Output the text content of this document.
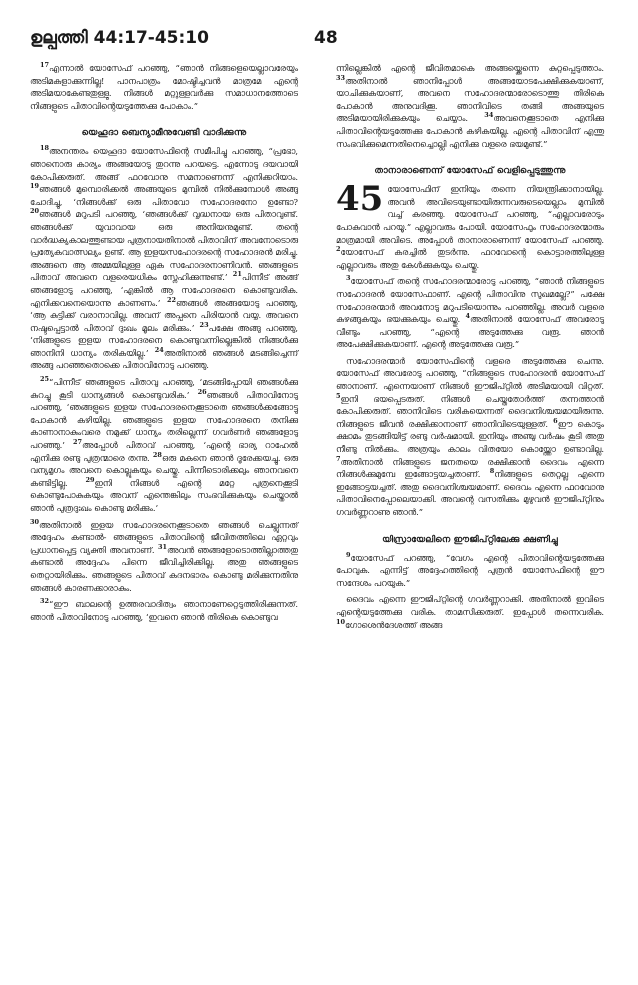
ഉല്പത്തി 44:17-45:10	48

$^{17}$എന്നാൽ യോസേഫ് പറഞ്ഞു, “ഞാൻ നിങ്ങളെയെല്ലാവരേയും അടിമകളാക്കുന്നില്ല! പാനപാത്രം മോഷ്ടിച്ചവൻ മാത്രമേ എന്റെ അടിമയാകേണ്ടതുള്ളു. നിങ്ങൾ മറ്റുള്ളവർക്കു സമാധാനത്തോടെ നിങ്ങളുടെ പിതാവിന്റെയടുത്തേക്കു പോകാം.”

യെഹൂദാ ബെന്യാമീനുവേണ്ടി വാദിക്കുന്നു

$^{18}$അനന്തരം യെഹൂദാ യോസേഫിന്റെ സമീപിച്ചു പറഞ്ഞു, “പ്രഭോ, ഞാനൊരു കാര്യം അങ്ങയോടു തുറന്നു പറയട്ടെ. എന്നോടു ദയവായി കോപിക്കരുത്. അങ്ങ് ഫറവോനു സമനാണെന്ന് എനിക്കറിയാം. $^{19}$ഞങ്ങൾ മുമ്പൊരിക്കൽ അങ്ങയുടെ മുമ്പിൽ നിൽക്കുമ്പോൾ അങ്ങു ചോദിച്ചു, ‘നിങ്ങൾക്ക് ഒരു പിതാവോ സഹോദരനോ ഉണ്ടോ? $^{20}$ഞങ്ങൾ മറുപടി പറഞ്ഞു, ‘ഞങ്ങൾക്ക് വൃദ്ധനായ ഒരു പിതാവുണ്ട്. ഞങ്ങൾക്ക് യുവാവായ ഒരു അനിയനുമുണ്ട്. തന്റെ വാർദ്ധക്യകാലത്തുണ്ടായ പുത്രനായതിനാൽ പിതാവിന് അവനോടൊരു പ്രത്യേകവാത്സല്യം ഉണ്ട്. ആ ഇളയസഹോദരന്റെ സഹോദരൻ മരിച്ചു. അങ്ങനെ ആ അമ്മയിലുള്ള ഏക സഹോദരനാണിവൻ. ഞങ്ങളുടെ പിതാവ് അവനെ വളരെയധികം സ്നേഹിക്കുന്നുണ്ട്.’ $^{21}$പിന്നീട് അങ്ങ് ഞങ്ങളോടു പറഞ്ഞു, ‘എങ്കിൽ ആ സഹോദരനെ കൊണ്ടുവരിക. എനിക്കവനെയൊന്നു കാണണം.’ $^{22}$ഞങ്ങൾ അങ്ങയോടു പറഞ്ഞു, ‘ആ കുട്ടിക്ക് വരാനാവില്ല. അവന് അപ്പനെ പിരിയാൻ വയ്യ. അവനെ നഷ്ടപ്പെട്ടാൽ പിതാവ് ദുഃഖം മൂലം മരിക്കും.’ $^{23}$പക്ഷേ അങ്ങു പറഞ്ഞു, ‘നിങ്ങളുടെ ഇളയ സഹോദരനെ കൊണ്ടുവന്നില്ലെങ്കിൽ നിങ്ങൾക്കു ഞാനിനി ധാന്യം തരികയില്ല.’ $^{24}$അതിനാൽ ഞങ്ങൾ മടങ്ങിച്ചെന്ന് അങ്ങു പറഞ്ഞതൊക്കെ പിതാവിനോടു പറഞ്ഞു.

$^{25}$“പിന്നീട് ഞങ്ങളുടെ പിതാവു പറഞ്ഞു, ‘മടങ്ങിപ്പോയി ഞങ്ങൾക്കു കുറച്ചു കൂടി ധാന്യങ്ങൾ കൊണ്ടുവരിക.’ $^{26}$ഞങ്ങൾ പിതാവിനോടു പറഞ്ഞു, ‘ഞങ്ങളുടെ ഇളയ സഹോദരനെക്കൂടാതെ ഞങ്ങൾക്കങ്ങോട്ടു പോകാൻ കഴിയില്ല. ഞങ്ങളുടെ ഇളയ സഹോദരനെ തനിക്കു കാണാനാകുംവരെ നമുക്ക് ധാന്യം തരില്ലെന്ന് ഗവർണർ ഞങ്ങളോടു പറഞ്ഞു.’ $^{27}$അപ്പോൾ പിതാവ് പറഞ്ഞു, ‘എന്റെ ഭാര്യ റാഹേൽ എനിക്കു രണ്ടു പുത്രന്മാരെ തന്നു. $^{28}$ഒരു മകനെ ഞാൻ ദൂരേക്കയച്ചു. ഒരു വന്യമൃഗം അവനെ കൊല്ലുകയും ചെയ്തു. പിന്നീടൊരിക്കലും ഞാനവനെ കണ്ടിട്ടില്ല.	$^{29}$ഇനി നിങ്ങൾ എന്റെ മറ്റേ പുത്രനെക്കൂടി കൊണ്ടുപോകുകയും അവന് എന്തെങ്കിലും സംഭവിക്കുകയും ചെയ്താൽ ഞാൻ പുത്രദുഃഖം കൊണ്ടു മരിക്കും.’

$^{30}$അതിനാൽ ഇളയ സഹോദരനെക്കൂടാതെ ഞങ്ങൾ ചെല്ലുന്നത് അദ്ദേഹം കണ്ടാൽ- ഞങ്ങളുടെ പിതാവിന്റെ ജീവിതത്തിലെ ഏറ്റവും പ്രധാനപ്പെട്ട വ്യക്തി അവനാണ്. $^{31}$അവൻ ഞങ്ങളോടൊത്തില്ലാത്തതു കണ്ടാൽ അദ്ദേഹം പിന്നെ ജീവിച്ചിരിക്കില്ല. അതു ഞങ്ങളുടെ തെറ്റായിരിക്കും. ഞങ്ങളുടെ പിതാവ് കദനഭാരം കൊണ്ടു മരിക്കുന്നതിനു ഞങ്ങൾ കാരണക്കാരാകും.

$^{32}$“ഈ ബാലന്റെ ഉത്തരവാദിത്വം ഞാനാണേറ്റെടുത്തിരിക്കുന്നത്. ഞാൻ പിതാവിനോടു പറഞ്ഞു, ‘ഇവനെ ഞാൻ തിരികെ കൊണ്ടുവ

ന്നില്ലെങ്കിൽ എന്റെ ജീവിതമാകെ അങ്ങയ്ക്കെന്നെ കുറ്റപ്പെടുത്താം. $^{33}$അതിനാൽ ഞാനിപ്പോൾ അങ്ങയോടപേക്ഷിക്കുകയാണ്, യാചിക്കുകയാണ്, അവനെ സഹോദരന്മാരോടൊത്തു തിരികെ പോകാൻ അനുവദിക്കൂ. ഞാനിവിടെ തങ്ങി അങ്ങയുടെ അടിമയായിരിക്കുകയും ചെയ്യാം.	$^{34}$അവനെക്കൂടാതെ എനിക്കു പിതാവിന്റെയടുത്തേക്കു പോകാൻ കഴികയില്ല. എന്റെ പിതാവിന് എന്തു സംഭവിക്കുമെന്നതിനെച്ചൊല്ലി എനിക്കു വളരെ ഭയമുണ്ട്.”

താനാരാണെന്ന് യോസേഫ് വെളിപ്പെടുത്തുന്നു

45 യോസേഫിന് ഇനിയും തന്നെ നിയന്ത്രിക്കാനായില്ല. അവൻ അവിടെയുണ്ടായിരുന്നവരുടെയെല്ലാം മുമ്പിൽ വച്ച് കരഞ്ഞു. യോസേഫ് പറഞ്ഞു, “എല്ലാവരോടും പോകുവാൻ പറയൂ.” എല്ലാവരും പോയി. യോസേഫും സഹോദരന്മാരും മാത്രമായി അവിടെ. അപ്പോൾ താനാരാണെന്ന് യോസേഫ് പറഞ്ഞു. $^2$യോസേഫ് കരച്ചിൽ തുടർന്നു. ഫറവോന്റെ കൊട്ടാരത്തിലുള്ള എല്ലാവരും അതു കേൾക്കുകയും ചെയ്തു.

$^3$യോസേഫ് തന്റെ സഹോദരന്മാരോടു പറഞ്ഞു, “ഞാൻ നിങ്ങളുടെ സഹോദരൻ യോസേഫാണ്. എന്റെ പിതാവിനു സുഖമല്ലേ?” പക്ഷേ സഹോദരന്മാർ അവനോടു മറുപടിയൊന്നും പറഞ്ഞില്ല. അവർ വളരെ കുഴങ്ങുകയും ഭയക്കുകയും ചെയ്തു. $^4$അതിനാൽ യോസേഫ് അവരോടു വീണ്ടും പറഞ്ഞു, “എന്റെ അടുത്തേക്കു വരൂ. ഞാൻ അപേക്ഷിക്കുകയാണ്. എന്റെ അടുത്തേക്കു വരൂ.”

സഹോദരന്മാർ യോസേഫിന്റെ വളരെ അടുത്തേക്കു ചെന്നു. യോസേഫ് അവരോടു പറഞ്ഞു, “നിങ്ങളുടെ സഹോദരൻ യോസേഫ് ഞാനാണ്. എന്നെയാണ് നിങ്ങൾ ഈജിപ്റ്റിൽ അടിമയായി വിറ്റത്. $^5$ഇനി ഭയപ്പെടരുത്. നിങ്ങൾ ചെയ്തതോർത്ത് തന്നത്താൻ കോപിക്കരുത്. ഞാനിവിടെ വരികയെന്നത് ദൈവനിശ്ചയമായിരുന്നു. നിങ്ങളുടെ ജീവൻ രക്ഷിക്കാനാണ് ഞാനിവിടെയുള്ളത്. $^6$ഈ കൊടും ക്ഷാമം തുടങ്ങിയിട്ട് രണ്ടു വർഷമായി. ഇനിയും അഞ്ചു വർഷം കൂടി അതു നീണ്ടു നിൽക്കും. അത്രയും കാലം വിതയോ കൊയ്ത്തോ ഉണ്ടാവില്ല. $^7$അതിനാൽ നിങ്ങളുടെ ജനതയെ രക്ഷിക്കാൻ ദൈവം എന്നെ നിങ്ങൾക്കുമുമ്പേ ഇങ്ങോട്ടയച്ചതാണ്. $^8$നിങ്ങളുടെ തെറ്റല്ല എന്നെ ഇങ്ങോട്ടയച്ചത്. അതു ദൈവനിശ്ചയമാണ്. ദൈവം എന്നെ ഫറവോനു പിതാവിനെപ്പോലെയാക്കി. അവന്റെ വസതിക്കും മുഴുവൻ ഈജിപ്റ്റിനും ഗവർണ്ണറാണു ഞാൻ.”

യിസ്രായേലിനെ ഈജിപ്റ്റിലേക്കു ക്ഷണിച്ചു

$^9$യോസേഫ് പറഞ്ഞു, “വേഗം എന്റെ പിതാവിന്റെയടുത്തേക്കു പോവുക. എന്നിട്ട് അദ്ദേഹത്തിന്റെ പുത്രൻ യോസേഫിന്റെ ഈ സന്ദേശം പറയുക.”

ദൈവം എന്നെ ഈജിപ്റ്റിന്റെ ഗവർണ്ണറാക്കി. അതിനാൽ ഇവിടെ എന്റെയടുത്തേക്കു വരിക. താമസിക്കരുത്. ഇപ്പോൾ തന്നെവരിക. $^{10}$ഗോശെൻദേശത്ത് അങ്ങ
